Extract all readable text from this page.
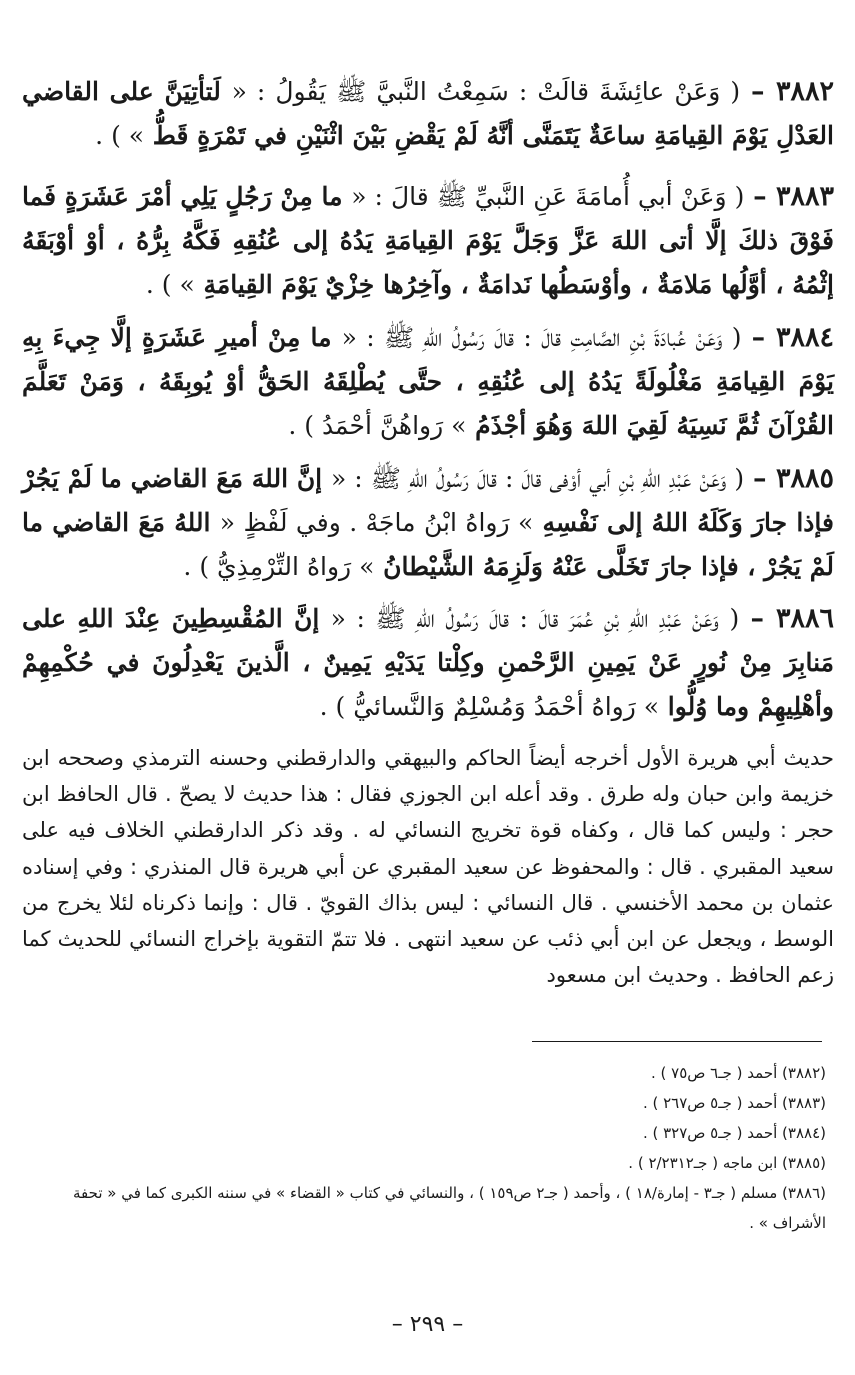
٣٨٨٢ – ( وَعَنْ عائِشَةَ قالَتْ : سَمِعْتُ النَّبيَّ ﷺ يَقُولُ : « لَتأتِيَنَّ على القاضي العَدْلِ يَوْمَ القِيامَةِ ساعَةٌ يَتَمَنَّى أنَّهُ لَمْ يَقْضِ بَيْنَ اثْنَيْنِ في تَمْرَةٍ قَطُّ » ) .
٣٨٨٣ – ( وَعَنْ أبي أُمامَةَ عَنِ النَّبيِّ ﷺ قالَ : « ما مِنْ رَجُلٍ يَلِي أمْرَ عَشَرَةٍ فَما فَوْقَ ذلكَ إلَّا أتى اللهَ عَزَّ وَجَلَّ يَوْمَ القِيامَةِ يَدُهُ إلى عُنُقِهِ فَكَّهُ بِرُّهُ ، أوْ أوْبَقَهُ إثْمُهُ ، أوَّلُها مَلامَةٌ ، وأوْسَطُها نَدامَةٌ ، وآخِرُها خِزْيٌ يَوْمَ القِيامَةِ » ) .
٣٨٨٤ – ( وَعَنْ عُبادَةَ بْنِ الصَّامِتِ قالَ : قالَ رَسُولُ اللهِ ﷺ : « ما مِنْ أميرِ عَشَرَةٍ إلَّا جِيءَ بِهِ يَوْمَ القِيامَةِ مَغْلُولَةً يَدُهُ إلى عُنُقِهِ ، حتَّى يُطْلِقَهُ الحَقُّ أوْ يُوبِقَهُ ، وَمَنْ تَعَلَّمَ القُرْآنَ ثُمَّ نَسِيَهُ لَقِيَ اللهَ وَهُوَ أجْذَمُ » رَواهُنَّ أحْمَدُ ) .
٣٨٨٥ – ( وَعَنْ عَبْدِ اللهِ بْنِ أبي أوْفى قالَ : قالَ رَسُولُ اللهِ ﷺ : « إنَّ اللهَ مَعَ القاضي ما لَمْ يَجُرْ فإذا جارَ وَكَلَهُ اللهُ إلى نَفْسِهِ » رَواهُ ابْنُ ماجَهْ . وفي لَفْظٍ « اللهُ مَعَ القاضي ما لَمْ يَجُرْ ، فإذا جارَ تَخَلَّى عَنْهُ وَلَزِمَهُ الشَّيْطانُ » رَواهُ التِّرْمِذِيُّ ) .
٣٨٨٦ – ( وَعَنْ عَبْدِ اللهِ بْنِ عُمَرَ قالَ : قالَ رَسُولُ اللهِ ﷺ : « إنَّ المُقْسِطِينَ عِنْدَ اللهِ على مَنابِرَ مِنْ نُورٍ عَنْ يَمِينِ الرَّحْمنِ وكِلْتا يَدَيْهِ يَمِينٌ ، الَّذينَ يَعْدِلُونَ في حُكْمِهِمْ وأهْلِيهِمْ وما وُلُّوا » رَواهُ أحْمَدُ وَمُسْلِمٌ وَالنَّسائيُّ ) .
حديث أبي هريرة الأول أخرجه أيضاً الحاكم والبيهقي والدارقطني وحسنه الترمذي وصححه ابن خزيمة وابن حبان وله طرق . وقد أعله ابن الجوزي فقال : هذا حديث لا يصحّ . قال الحافظ ابن حجر : وليس كما قال ، وكفاه قوة تخريج النسائي له . وقد ذكر الدارقطني الخلاف فيه على سعيد المقبري . قال : والمحفوظ عن سعيد المقبري عن أبي هريرة قال المنذري : وفي إسناده عثمان بن محمد الأخنسي . قال النسائي : ليس بذاك القويّ . قال : وإنما ذكرناه لئلا يخرج من الوسط ، ويجعل عن ابن أبي ذئب عن سعيد انتهى . فلا تتمّ التقوية بإخراج النسائي للحديث كما زعم الحافظ . وحديث ابن مسعود
(٣٨٨٢) أحمد ( جـ٦ ص٧٥ ) .
(٣٨٨٣) أحمد ( جـ٥ ص٢٦٧ ) .
(٣٨٨٤) أحمد ( جـ٥ ص٣٢٧ ) .
(٣٨٨٥) ابن ماجه ( جـ٢/٢٣١٢ ) .
(٣٨٨٦) مسلم ( جـ٣ - إمارة/١٨ ) ، وأحمد ( جـ٢ ص١٥٩ ) ، والنسائي في كتاب « القضاء » في سننه الكبرى كما في « تحفة الأشراف » .
– ٢٩٩ –
